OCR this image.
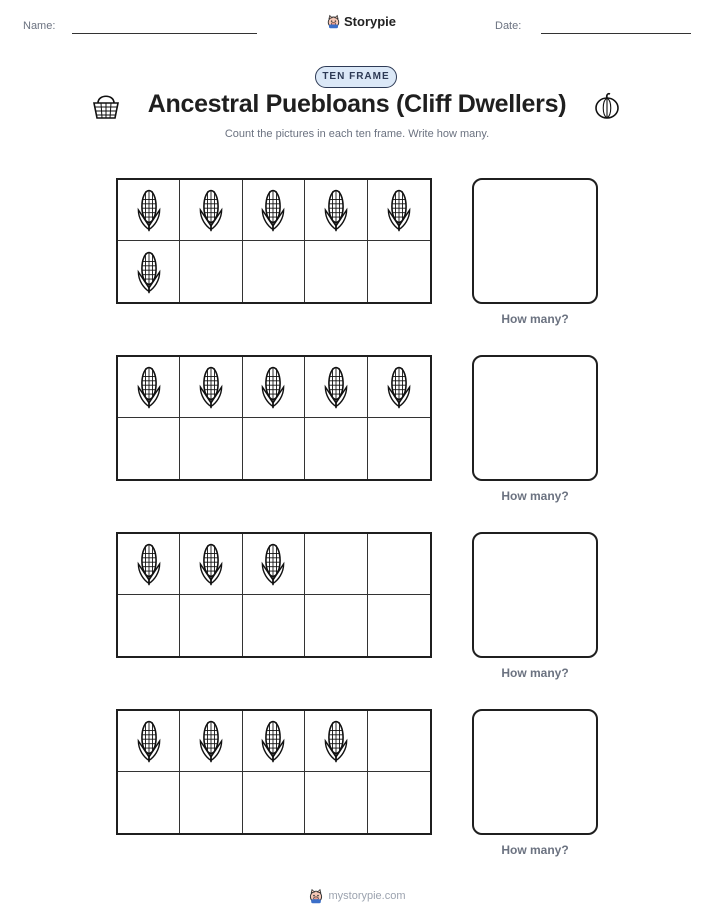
Name:	Storypie	Date:
TEN FRAME
Ancestral Puebloans (Cliff Dwellers)
Count the pictures in each ten frame. Write how many.
How many?
How many?
How many?
How many?
mystorypie.com
